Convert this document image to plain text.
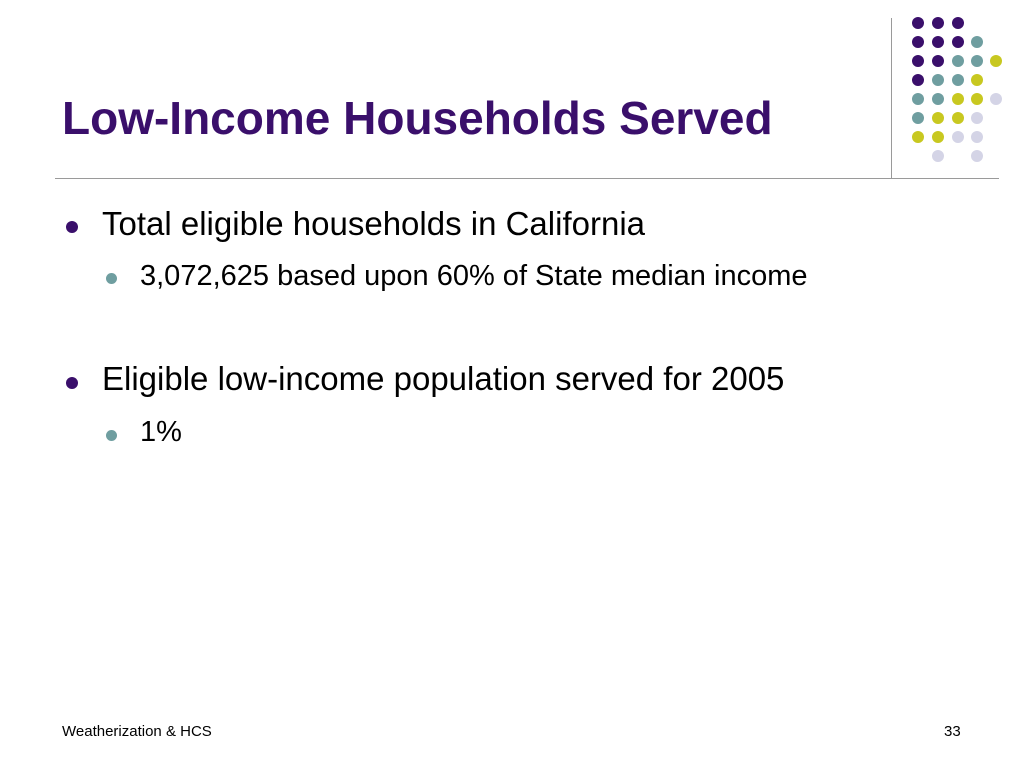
Low-Income Households Served
Total eligible households in California
3,072,625 based upon 60% of State median income
Eligible low-income population served for 2005
1%
Weatherization & HCS	33
